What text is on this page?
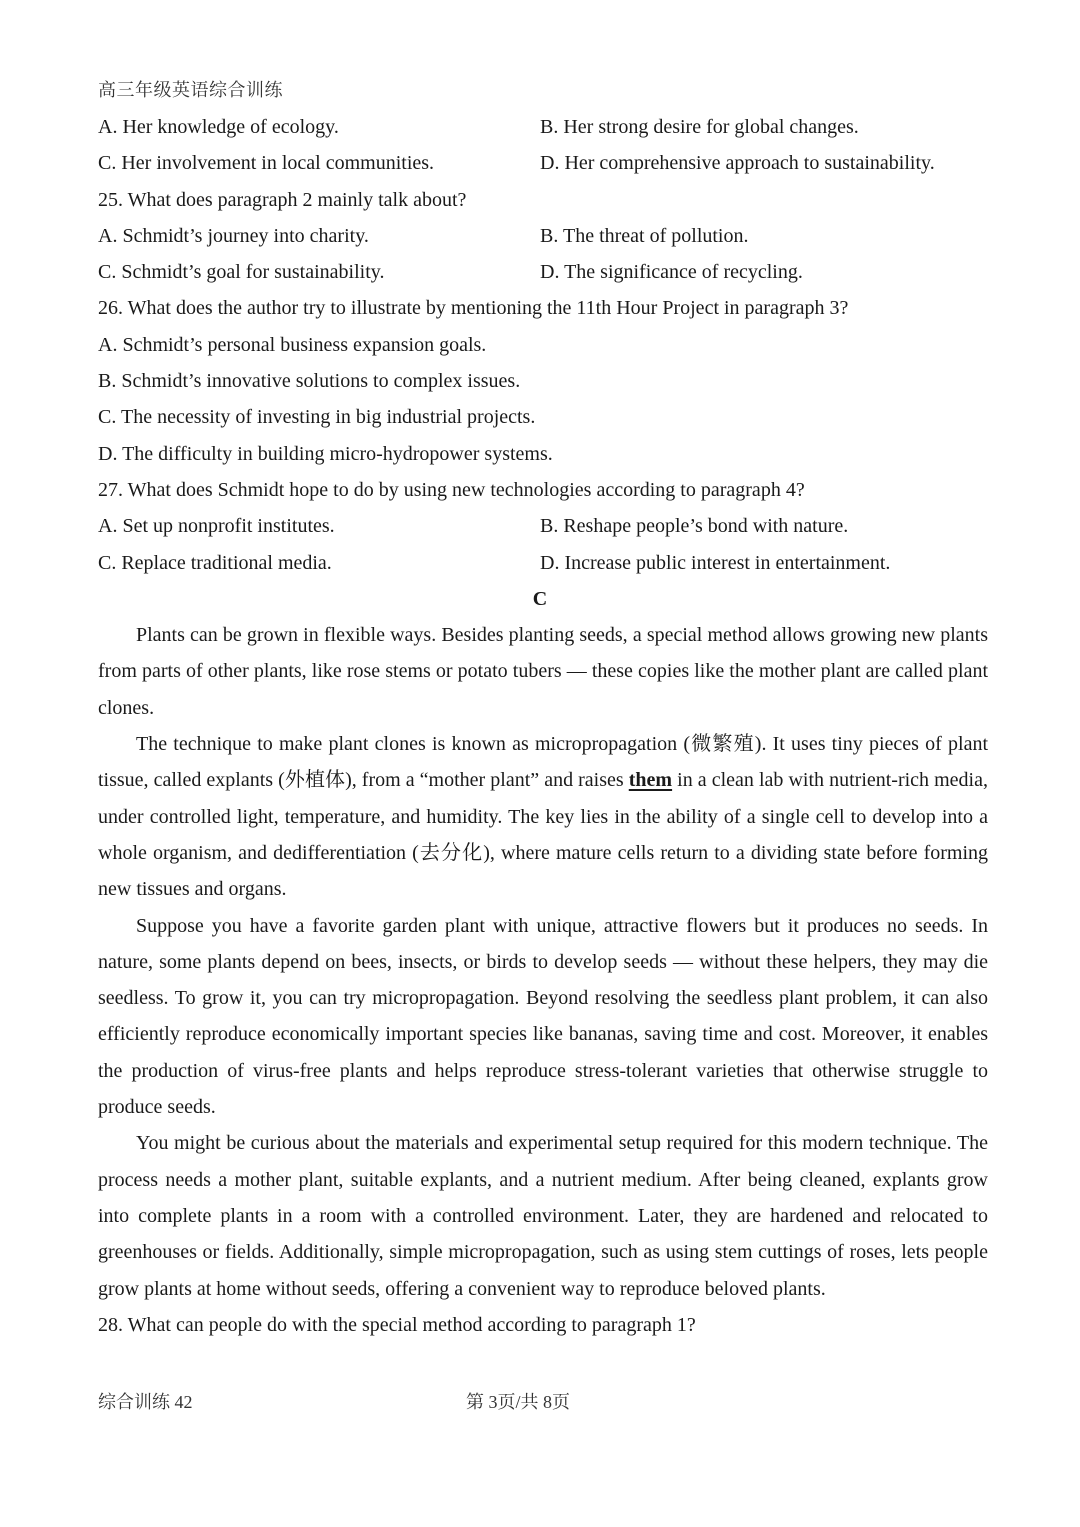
高三年级英语综合训练
A. Her knowledge of ecology.	B. Her strong desire for global changes.
C. Her involvement in local communities.	D. Her comprehensive approach to sustainability.
25. What does paragraph 2 mainly talk about?
A. Schmidt’s journey into charity.	B. The threat of pollution.
C. Schmidt’s goal for sustainability.	D. The significance of recycling.
26. What does the author try to illustrate by mentioning the 11th Hour Project in paragraph 3?
A. Schmidt’s personal business expansion goals.
B. Schmidt’s innovative solutions to complex issues.
C. The necessity of investing in big industrial projects.
D. The difficulty in building micro-hydropower systems.
27. What does Schmidt hope to do by using new technologies according to paragraph 4?
A. Set up nonprofit institutes.	B. Reshape people’s bond with nature.
C. Replace traditional media.	D. Increase public interest in entertainment.
C

Plants can be grown in flexible ways. Besides planting seeds, a special method allows growing new plants from parts of other plants, like rose stems or potato tubers — these copies like the mother plant are called plant clones.

The technique to make plant clones is known as micropropagation (微繁殖). It uses tiny pieces of plant tissue, called explants (外植体), from a “mother plant” and raises them in a clean lab with nutrient-rich media, under controlled light, temperature, and humidity. The key lies in the ability of a single cell to develop into a whole organism, and dedifferentiation (去分化), where mature cells return to a dividing state before forming new tissues and organs.

Suppose you have a favorite garden plant with unique, attractive flowers but it produces no seeds. In nature, some plants depend on bees, insects, or birds to develop seeds — without these helpers, they may die seedless. To grow it, you can try micropropagation. Beyond resolving the seedless plant problem, it can also efficiently reproduce economically important species like bananas, saving time and cost. Moreover, it enables the production of virus-free plants and helps reproduce stress-tolerant varieties that otherwise struggle to produce seeds.

You might be curious about the materials and experimental setup required for this modern technique. The process needs a mother plant, suitable explants, and a nutrient medium. After being cleaned, explants grow into complete plants in a room with a controlled environment. Later, they are hardened and relocated to greenhouses or fields. Additionally, simple micropropagation, such as using stem cuttings of roses, lets people grow plants at home without seeds, offering a convenient way to reproduce beloved plants.

28. What can people do with the special method according to paragraph 1?
综合训练 42	第 3页/共 8页
